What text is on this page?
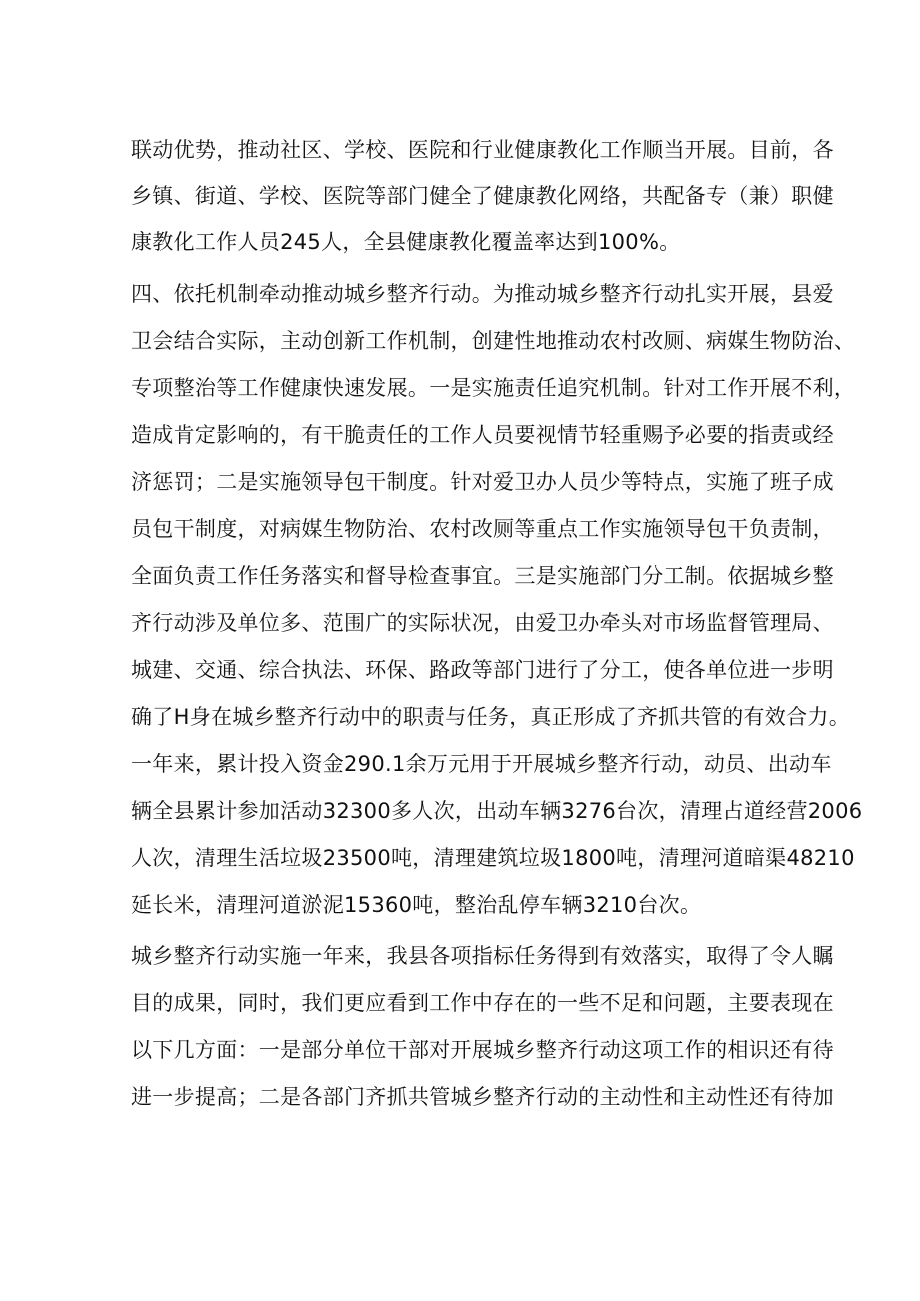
联动优势，推动社区、学校、医院和行业健康教化工作顺当开展。目前，各
乡镇、街道、学校、医院等部门健全了健康教化网络，共配备专（兼）职健
康教化工作人员245人，全县健康教化覆盖率达到100%。
四、依托机制牵动推动城乡整齐行动。为推动城乡整齐行动扎实开展，县爱
卫会结合实际，主动创新工作机制，创建性地推动农村改厕、病媒生物防治、
专项整治等工作健康快速发展。一是实施责任追究机制。针对工作开展不利，
造成肯定影响的，有干脆责任的工作人员要视情节轻重赐予必要的指责或经
济惩罚；二是实施领导包干制度。针对爱卫办人员少等特点，实施了班子成
员包干制度，对病媒生物防治、农村改厕等重点工作实施领导包干负责制，
全面负责工作任务落实和督导检查事宜。三是实施部门分工制。依据城乡整
齐行动涉及单位多、范围广的实际状况，由爱卫办牵头对市场监督管理局、
城建、交通、综合执法、环保、路政等部门进行了分工，使各单位进一步明
确了H身在城乡整齐行动中的职责与任务，真正形成了齐抓共管的有效合力。
一年来，累计投入资金290.1余万元用于开展城乡整齐行动，动员、出动车
辆全县累计参加活动32300多人次，出动车辆3276台次，清理占道经营2006
人次，清理生活垃圾23500吨，清理建筑垃圾1800吨，清理河道暗渠48210
延长米，清理河道淤泥15360吨，整治乱停车辆3210台次。
城乡整齐行动实施一年来，我县各项指标任务得到有效落实，取得了令人瞩
目的成果，同时，我们更应看到工作中存在的一些不足和问题，主要表现在
以下几方面：一是部分单位干部对开展城乡整齐行动这项工作的相识还有待
进一步提高；二是各部门齐抓共管城乡整齐行动的主动性和主动性还有待加
